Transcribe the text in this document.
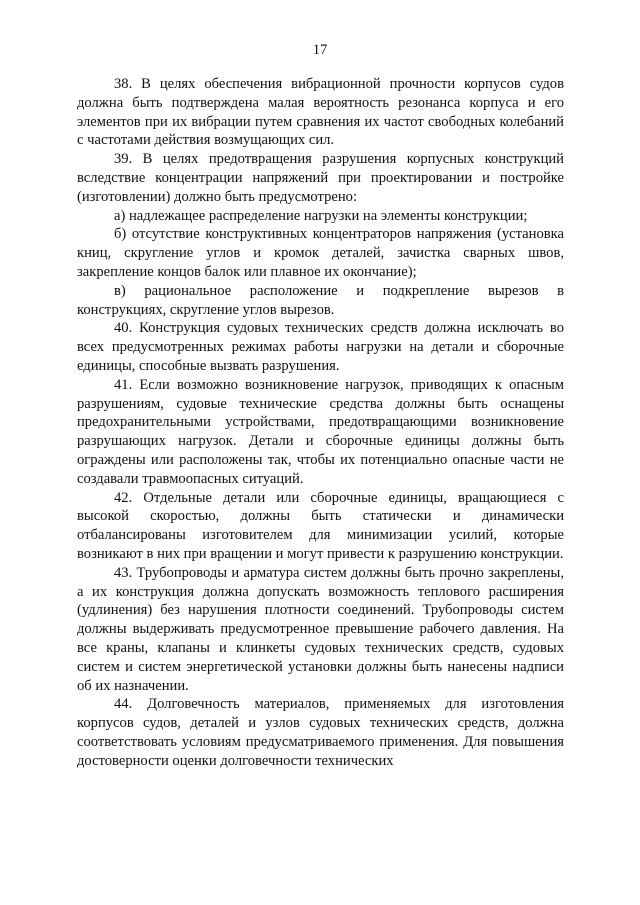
17

38. В целях обеспечения вибрационной прочности корпусов судов должна быть подтверждена малая вероятность резонанса корпуса и его элементов при их вибрации путем сравнения их частот свободных колебаний с частотами действия возмущающих сил.

39. В целях предотвращения разрушения корпусных конструкций вследствие концентрации напряжений при проектировании и постройке (изготовлении) должно быть предусмотрено:

а) надлежащее распределение нагрузки на элементы конструкции;

б) отсутствие конструктивных концентраторов напряжения (установка книц, скругление углов и кромок деталей, зачистка сварных швов, закрепление концов балок или плавное их окончание);

в) рациональное расположение и подкрепление вырезов в конструкциях, скругление углов вырезов.

40. Конструкция судовых технических средств должна исключать во всех предусмотренных режимах работы нагрузки на детали и сборочные единицы, способные вызвать разрушения.

41. Если возможно возникновение нагрузок, приводящих к опасным разрушениям, судовые технические средства должны быть оснащены предохранительными устройствами, предотвращающими возникновение разрушающих нагрузок. Детали и сборочные единицы должны быть ограждены или расположены так, чтобы их потенциально опасные части не создавали травмоопасных ситуаций.

42. Отдельные детали или сборочные единицы, вращающиеся с высокой скоростью, должны быть статически и динамически отбалансированы изготовителем для минимизации усилий, которые возникают в них при вращении и могут привести к разрушению конструкции.

43. Трубопроводы и арматура систем должны быть прочно закреплены, а их конструкция должна допускать возможность теплового расширения (удлинения) без нарушения плотности соединений. Трубопроводы систем должны выдерживать предусмотренное превышение рабочего давления. На все краны, клапаны и клинкеты судовых технических средств, судовых систем и систем энергетической установки должны быть нанесены надписи об их назначении.

44. Долговечность материалов, применяемых для изготовления корпусов судов, деталей и узлов судовых технических средств, должна соответствовать условиям предусматриваемого применения. Для повышения достоверности оценки долговечности технических
